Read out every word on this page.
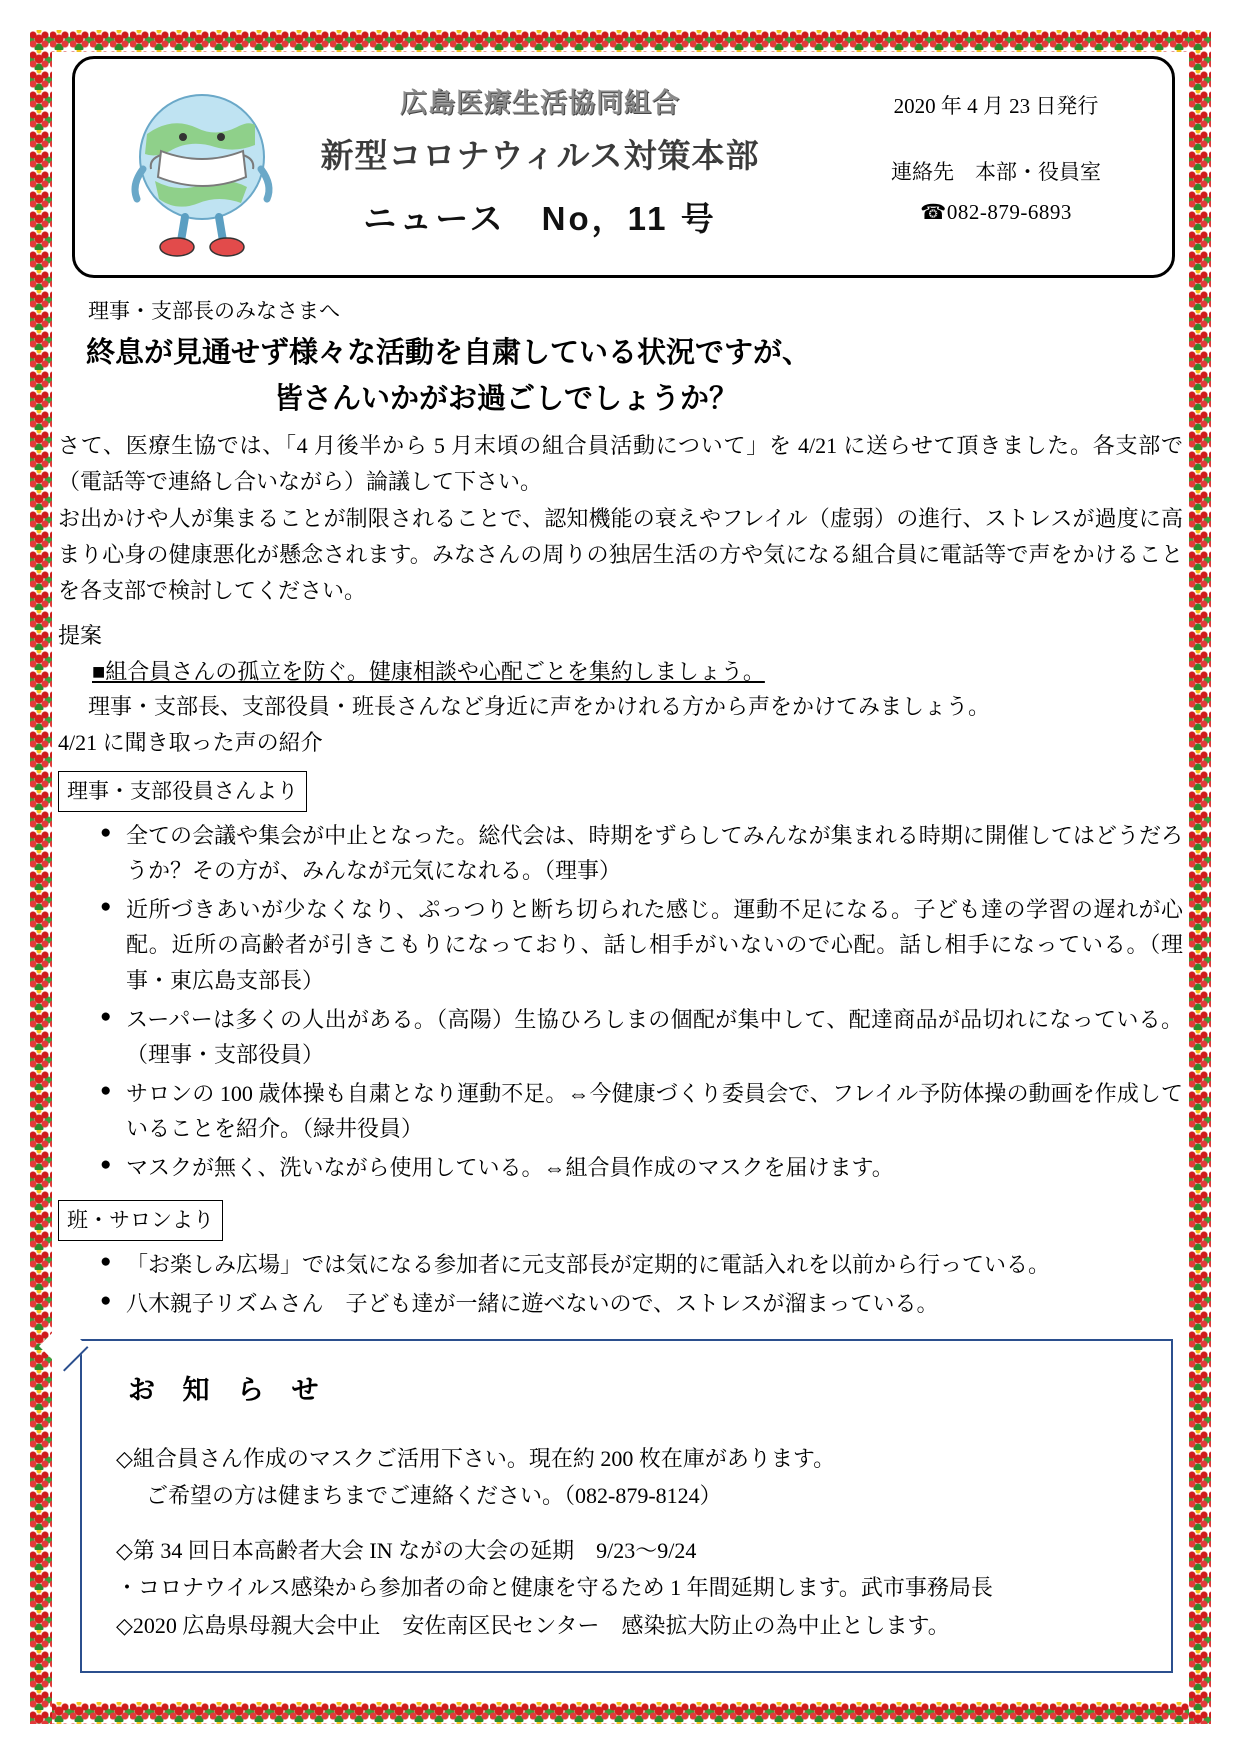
広島医療生活協同組合
新型コロナウィルス対策本部
ニュース　No，11 号
2020 年 4 月 23 日発行
連絡先　本部・役員室
☎082-879-6893
理事・支部長のみなさまへ
終息が見通せず様々な活動を自粛している状況ですが、
皆さんいかがお過ごしでしょうか？

さて、医療生協では、「4 月後半から 5 月末頃の組合員活動について」を 4/21 に送らせて頂きました。各支部で（電話等で連絡し合いながら）論議して下さい。

お出かけや人が集まることが制限されることで、認知機能の衰えやフレイル（虚弱）の進行、ストレスが過度に高まり心身の健康悪化が懸念されます。みなさんの周りの独居生活の方や気になる組合員に電話等で声をかけることを各支部で検討してください。

提案
■組合員さんの孤立を防ぐ。健康相談や心配ごとを集約しましょう。
理事・支部長、支部役員・班長さんなど身近に声をかけれる方から声をかけてみましょう。
4/21 に聞き取った声の紹介
理事・支部役員さんより
● 全ての会議や集会が中止となった。総代会は、時期をずらしてみんなが集まれる時期に開催してはどうだろうか？その方が、みんなが元気になれる。（理事）
● 近所づきあいが少なくなり、ぷっつりと断ち切られた感じ。運動不足になる。子ども達の学習の遅れが心配。近所の高齢者が引きこもりになっており、話し相手がいないので心配。話し相手になっている。（理事・東広島支部長）
● スーパーは多くの人出がある。（高陽）生協ひろしまの個配が集中して、配達商品が品切れになっている。（理事・支部役員）
● サロンの 100 歳体操も自粛となり運動不足。⇔今健康づくり委員会で、フレイル予防体操の動画を作成していることを紹介。（緑井役員）
● マスクが無く、洗いながら使用している。⇔組合員作成のマスクを届けます。
班・サロンより
● 「お楽しみ広場」では気になる参加者に元支部長が定期的に電話入れを以前から行っている。
● 八木親子リズムさん　子ども達が一緒に遊べないので、ストレスが溜まっている。
お 知 ら せ
◇組合員さん作成のマスクご活用下さい。現在約 200 枚在庫があります。
ご希望の方は健まちまでご連絡ください。（082-879-8124）
◇第 34 回日本高齢者大会 IN ながの大会の延期　9/23～9/24
・コロナウイルス感染から参加者の命と健康を守るため 1 年間延期します。武市事務局長
◇2020 広島県母親大会中止　安佐南区民センター　感染拡大防止の為中止とします。
